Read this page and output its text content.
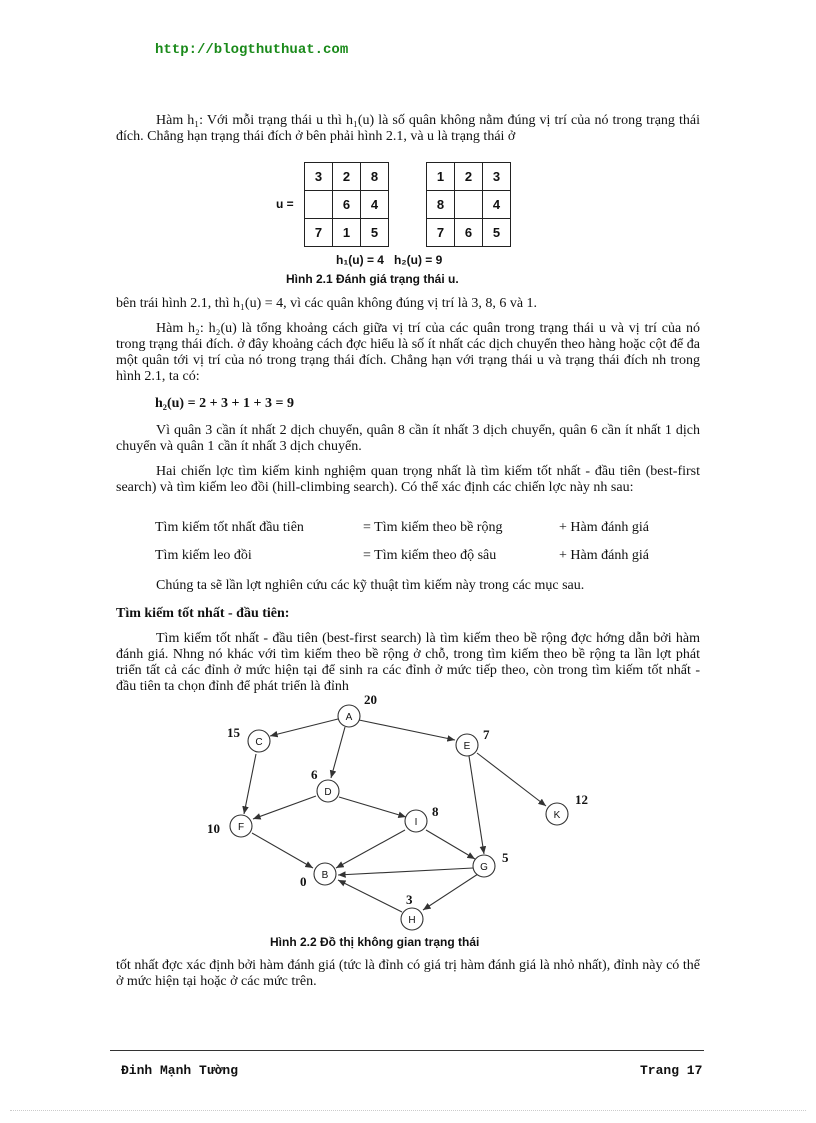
http://blogthuthuat.com
Hàm h₁: Với mỗi trạng thái u thì h₁(u) là số quân không nằm đúng vị trí của nó trong trạng thái đích. Chẳng hạn trạng thái đích ở bên phải hình 2.1, và u là trạng thái ở
u =
3	2	8
	6	4
7	1	5
1	2	3
8		4
7	6	5
h₁(u) = 4   h₂(u) = 9
Hình 2.1 Đánh giá trạng thái u.
bên trái hình 2.1, thì h₁(u) = 4, vì các quân không đúng vị trí là 3, 8, 6 và 1.
Hàm h₂: h₂(u) là tổng khoảng cách giữa vị trí của các quân trong trạng thái u và vị trí của nó trong trạng thái đích. ở đây khoảng cách đợc hiểu là số ít nhất các dịch chuyển theo hàng hoặc cột để đa một quân tới vị trí của nó trong trạng thái đích. Chẳng hạn với trạng thái u và trạng thái đích nh trong hình 2.1, ta có:
h₂(u) = 2 + 3 + 1 + 3 = 9
Vì quân 3 cần ít nhất 2 dịch chuyển, quân 8 cần ít nhất 3 dịch chuyển, quân 6 cần ít nhất 1 dịch chuyển và quân 1 cần ít nhất 3 dịch chuyển.
Hai chiến lợc tìm kiếm kinh nghiệm quan trọng nhất là tìm kiếm tốt nhất - đầu tiên (best-first search) và tìm kiếm leo đồi (hill-climbing search). Có thể xác định các chiến lợc này nh sau:
Tìm kiếm tốt nhất đầu tiên	= Tìm kiếm theo bề rộng	+ Hàm đánh giá
Tìm kiếm leo đồi	= Tìm kiếm theo độ sâu	+ Hàm đánh giá
Chúng ta sẽ lần lợt nghiên cứu các kỹ thuật tìm kiếm này trong các mục sau.
Tìm kiếm tốt nhất - đầu tiên:
Tìm kiếm tốt nhất - đầu tiên (best-first search) là tìm kiếm theo bề rộng đợc hớng dẫn bởi hàm đánh giá. Nhng nó khác với tìm kiếm theo bề rộng ở chỗ, trong tìm kiếm theo bề rộng ta lần lợt phát triển tất cả các đỉnh ở mức hiện tại để sinh ra các đỉnh ở mức tiếp theo, còn trong tìm kiếm tốt nhất - đầu tiên ta chọn đỉnh để phát triển là đỉnh
A
C	E
D
K
F	I
G
B
H
20
15	7
6
12
10
8
5
0
3
Hình 2.2 Đồ thị không gian trạng thái
tốt nhất đợc xác định bởi hàm đánh giá (tức là đỉnh có giá trị hàm đánh giá là nhỏ nhất), đỉnh này có thể ở mức hiện tại hoặc ở các mức trên.
Đinh Mạnh Tường	Trang 17
